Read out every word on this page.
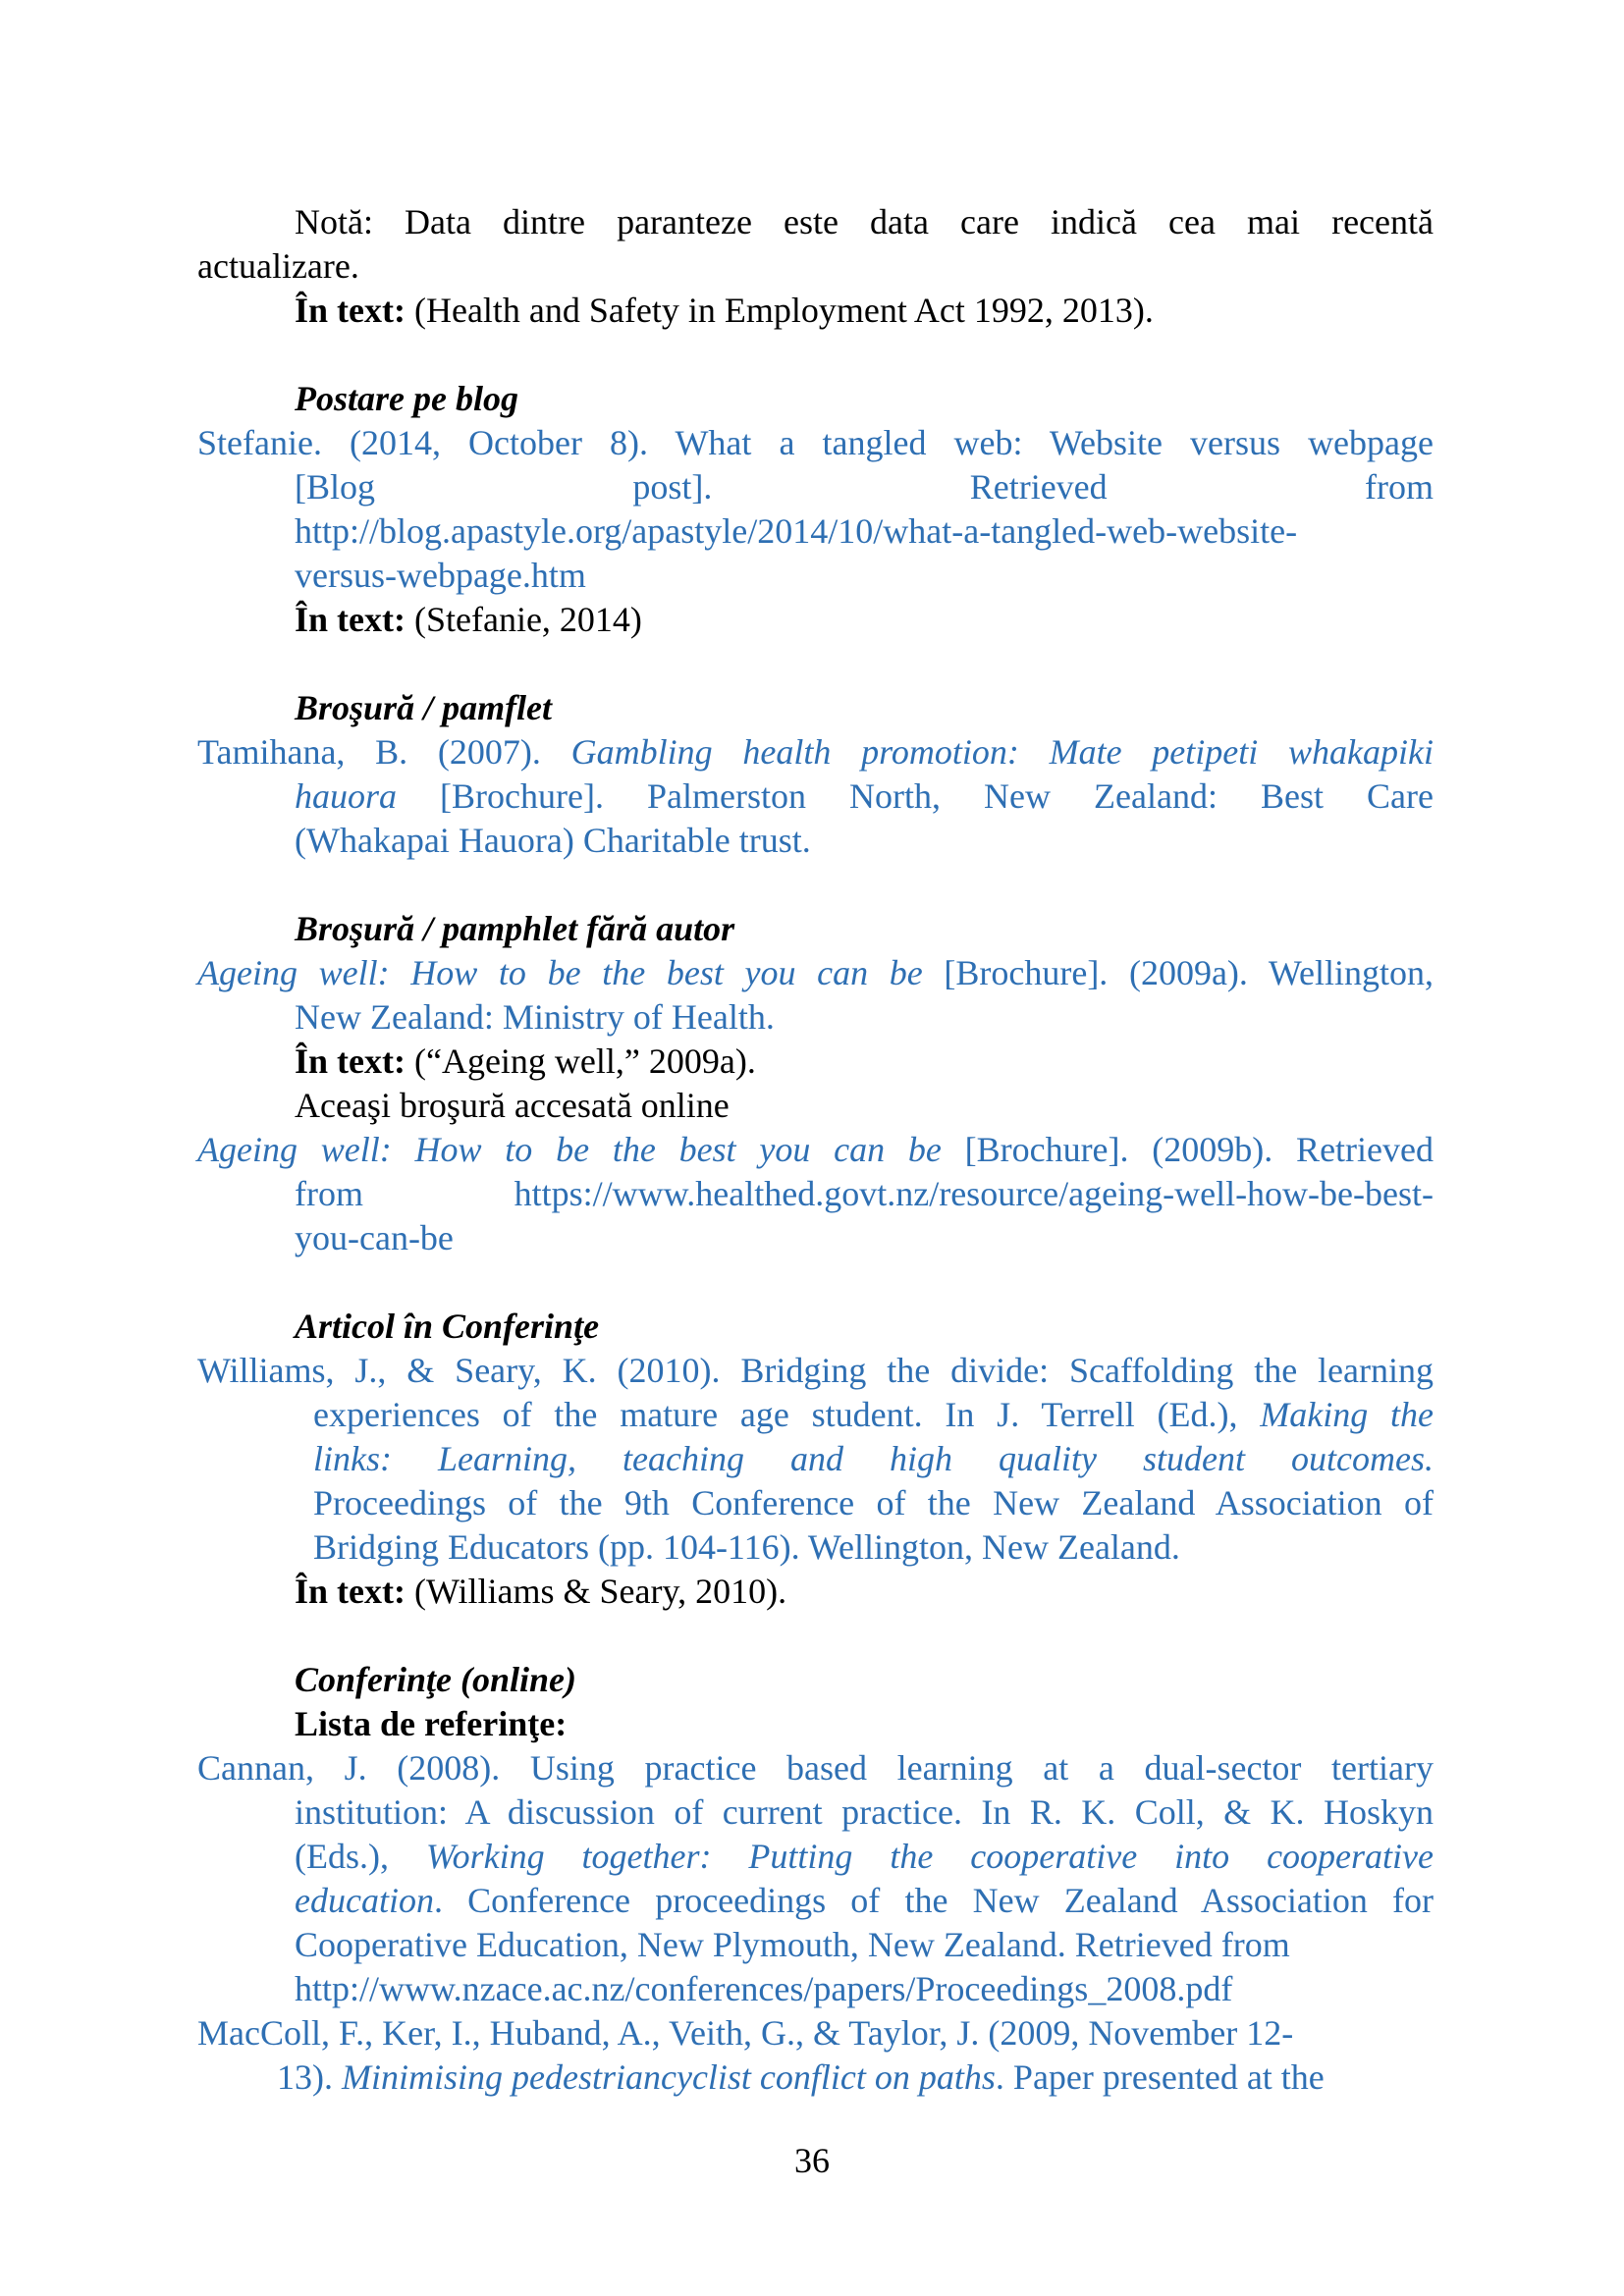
Notă: Data dintre paranteze este data care indică cea mai recentă
actualizare.
În text: (Health and Safety in Employment Act 1992, 2013).
Postare pe blog
Stefanie. (2014, October 8). What a tangled web: Website versus webpage
[Blog post]. Retrieved from
http://blog.apastyle.org/apastyle/2014/10/what-a-tangled-web-website-
versus-webpage.htm
În text: (Stefanie, 2014)
Broşură / pamflet
Tamihana, B. (2007). Gambling health promotion: Mate petipeti whakapiki
hauora [Brochure]. Palmerston North, New Zealand: Best Care
(Whakapai Hauora) Charitable trust.
Broşură / pamphlet fără autor
Ageing well: How to be the best you can be [Brochure]. (2009a). Wellington,
New Zealand: Ministry of Health.
În text: (“Ageing well,” 2009a).
Aceaşi broşură accesată online
Ageing well: How to be the best you can be [Brochure]. (2009b). Retrieved
from https://www.healthed.govt.nz/resource/ageing-well-how-be-best-
you-can-be
Articol în Conferinţe
Williams, J., & Seary, K. (2010). Bridging the divide: Scaffolding the learning
experiences of the mature age student. In J. Terrell (Ed.), Making the
links: Learning, teaching and high quality student outcomes.
Proceedings of the 9th Conference of the New Zealand Association of
Bridging Educators (pp. 104-116). Wellington, New Zealand.
În text: (Williams & Seary, 2010).
Conferinţe (online)
Lista de referinţe:
Cannan, J. (2008). Using practice based learning at a dual-sector tertiary
institution: A discussion of current practice. In R. K. Coll, & K. Hoskyn
(Eds.), Working together: Putting the cooperative into cooperative
education. Conference proceedings of the New Zealand Association for
Cooperative Education, New Plymouth, New Zealand. Retrieved from
http://www.nzace.ac.nz/conferences/papers/Proceedings_2008.pdf
MacColl, F., Ker, I., Huband, A., Veith, G., & Taylor, J. (2009, November 12-
13). Minimising pedestriancyclist conflict on paths. Paper presented at the
36
